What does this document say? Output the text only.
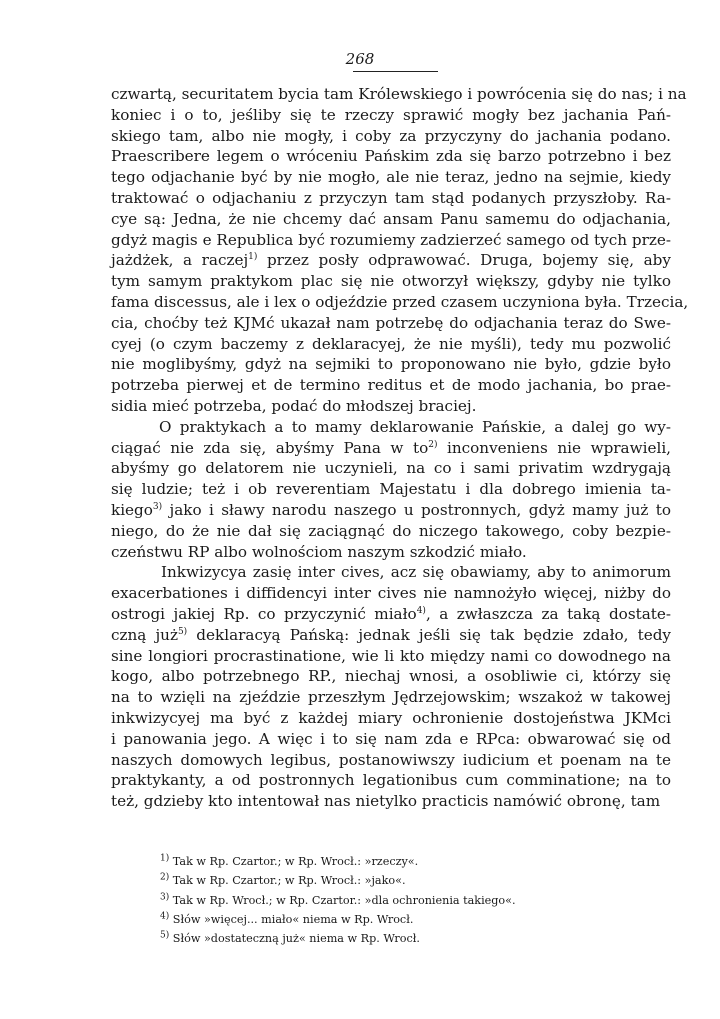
268
czwartą, securitatem bycia tam Królewskiego i powrócenia się do nas; i na
koniec i o to, jeśliby się te rzeczy sprawić mogły bez jachania Pań-
skiego tam, albo nie mogły, i coby za przyczyny do jachania podano.
Praescribere legem o wróceniu Pańskim zda się barzo potrzebno i bez
tego odjachanie być by nie mogło, ale nie teraz, jedno na sejmie, kiedy
traktować o odjachaniu z przyczyn tam stąd podanych przyszłoby. Ra-
cye są: Jedna, że nie chcemy dać ansam Panu samemu do odjachania,
gdyż magis e Republica być rozumiemy zadzierzeć samego od tych prze-
jażdżek, a raczej$^{1)}$ przez posły odprawować. Druga, bojemy się, aby
tym samym praktykom plac się nie otworzył większy, gdyby nie tylko
fama discessus, ale i lex o odjeździe przed czasem uczyniona była. Trzecia,
cia, choćby też KJMć ukazał nam potrzebę do odjachania teraz do Swe-
cyej (o czym baczemy z deklaracyej, że nie myśli), tedy mu pozwolić
nie moglibyśmy, gdyż na sejmiki to proponowano nie było, gdzie było
potrzeba pierwej et de termino reditus et de modo jachania, bo prae-
sidia mieć potrzeba, podać do młodszej braciej.
O praktykach a to mamy deklarowanie Pańskie, a dalej go wy-
ciągać nie zda się, abyśmy Pana w to$^{2)}$ inconveniens nie wprawieli,
abyśmy go delatorem nie uczynieli, na co i sami privatim wzdrygają
się ludzie; też i ob reverentiam Majestatu i dla dobrego imienia ta-
kiego$^{3)}$ jako i sławy narodu naszego u postronnych, gdyż mamy już to
niego, do że nie dał się zaciągnąć do niczego takowego, coby bezpie-
czeństwu RP albo wolnościom naszym szkodzić miało.
Inkwizycya zasię inter cives, acz się obawiamy, aby to animorum
exacerbationes i diffidencyi inter cives nie namnożyło więcej, niżby do
ostrogi jakiej Rp. co przyczynić miało$^{4)}$, a zwłaszcza za taką dostate-
czną już$^{5)}$ deklaracyą Pańską: jednak jeśli się tak będzie zdało, tedy
sine longiori procrastinatione, wie li kto między nami co dowodnego na
kogo, albo potrzebnego RP., niechaj wnosi, a osobliwie ci, którzy się
na to wzięli na zjeździe przeszłym Jędrzejowskim; wszakoż w takowej
inkwizycyej ma być z każdej miary ochronienie dostojeństwa JKMci
i panowania jego. A więc i to się nam zda e RPca: obwarować się od
naszych domowych legibus, postanowiwszy iudicium et poenam na te
praktykanty, a od postronnych legationibus cum comminatione; na to
też, gdzieby kto intentował nas nietylko practicis namówić obronę, tam
$^{1)}$ Tak w Rp. Czartor.; w Rp. Wrocł.: »rzeczy«.
$^{2)}$ Tak w Rp. Czartor.; w Rp. Wrocł.: »jako«.
$^{3)}$ Tak w Rp. Wrocł.; w Rp. Czartor.: »dla ochronienia takiego«.
$^{4)}$ Słów »więcej... miało« niema w Rp. Wrocł.
$^{5)}$ Słów »dostateczną już« niema w Rp. Wrocł.
